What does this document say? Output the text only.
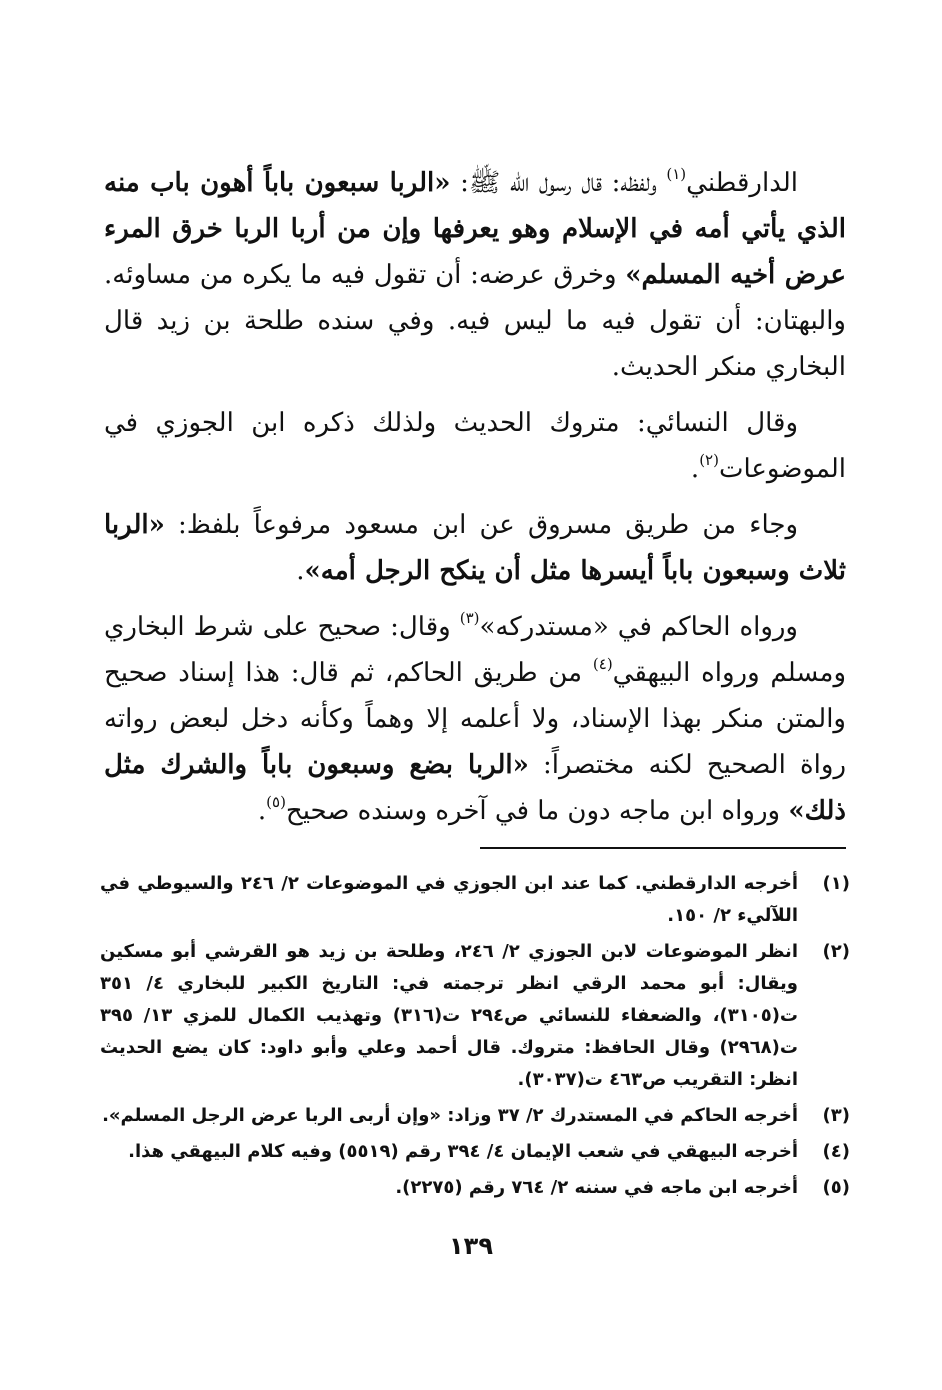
الدارقطني$^{(١)}$ ولفظه: قال رسول الله ﷺ: «الربا سبعون باباً أهون باب منه الذي يأتي أمه في الإسلام وهو يعرفها وإن من أربا الربا خرق المرء عرض أخيه المسلم» وخرق عرضه: أن تقول فيه ما يكره من مساوئه. والبهتان: أن تقول فيه ما ليس فيه. وفي سنده طلحة بن زيد قال البخاري منكر الحديث.

وقال النسائي: متروك الحديث ولذلك ذكره ابن الجوزي في الموضوعات$^{(٢)}$.

وجاء من طريق مسروق عن ابن مسعود مرفوعاً بلفظ: «الربا ثلاث وسبعون باباً أيسرها مثل أن ينكح الرجل أمه».

ورواه الحاكم في «مستدركه»$^{(٣)}$ وقال: صحيح على شرط البخاري ومسلم ورواه البيهقي$^{(٤)}$ من طريق الحاكم، ثم قال: هذا إسناد صحيح والمتن منكر بهذا الإسناد، ولا أعلمه إلا وهماً وكأنه دخل لبعض رواته رواة الصحيح لكنه مختصراً: «الربا بضع وسبعون باباً والشرك مثل ذلك» ورواه ابن ماجه دون ما في آخره وسنده صحيح$^{(٥)}$.

(١)
أخرجه الدارقطني. كما عند ابن الجوزي في الموضوعات ٢/ ٢٤٦ والسيوطي في اللآليء ٢/ ١٥٠.
(٢)
انظر الموضوعات لابن الجوزي ٢/ ٢٤٦، وطلحة بن زيد هو القرشي أبو مسكين ويقال: أبو محمد الرقي انظر ترجمته في: التاريخ الكبير للبخاري ٤/ ٣٥١ ت(٣١٠٥)، والضعفاء للنسائي ص٢٩٤ ت(٣١٦) وتهذيب الكمال للمزي ١٣/ ٣٩٥ ت(٢٩٦٨) وقال الحافظ: متروك. قال أحمد وعلي وأبو داود: كان يضع الحديث انظر: التقريب ص٤٦٣ ت(٣٠٣٧).
(٣)
أخرجه الحاكم في المستدرك ٢/ ٣٧ وزاد: «وإن أربى الربا عرض الرجل المسلم».
(٤)
أخرجه البيهقي في شعب الإيمان ٤/ ٣٩٤ رقم (٥٥١٩) وفيه كلام البيهقي هذا.
(٥)
أخرجه ابن ماجه في سننه ٢/ ٧٦٤ رقم (٢٢٧٥).
١٣٩
